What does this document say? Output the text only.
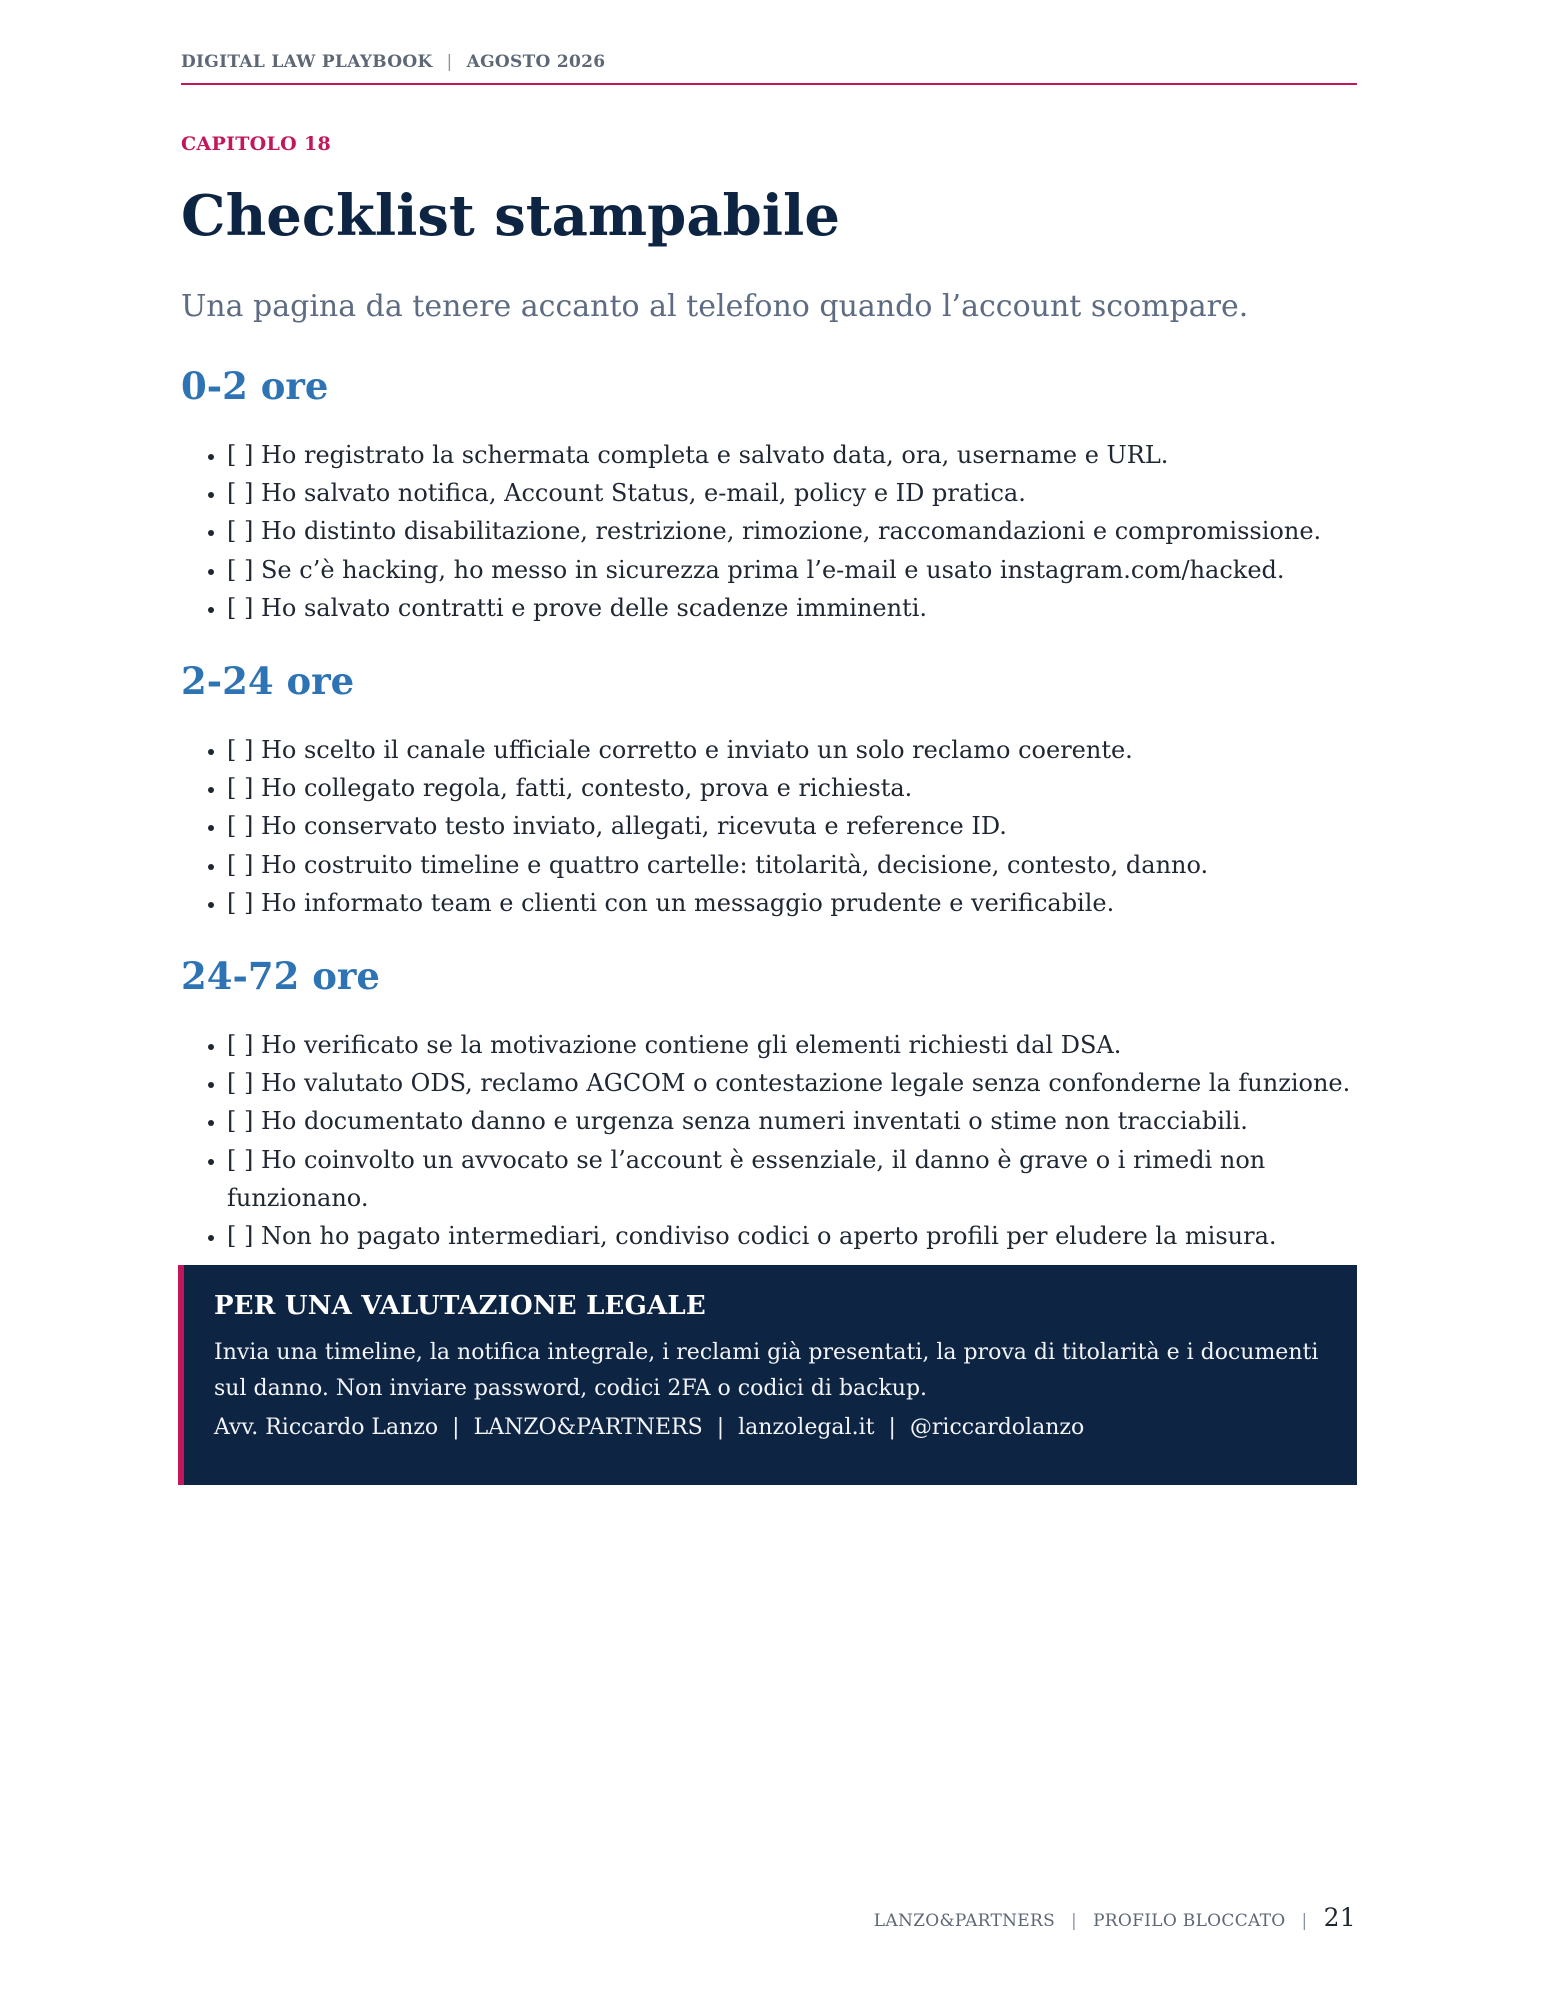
DIGITAL LAW PLAYBOOK | AGOSTO 2026
CAPITOLO 18
Checklist stampabile
Una pagina da tenere accanto al telefono quando l’account scompare.
0-2 ore
• [ ] Ho registrato la schermata completa e salvato data, ora, username e URL.
• [ ] Ho salvato notifica, Account Status, e-mail, policy e ID pratica.
• [ ] Ho distinto disabilitazione, restrizione, rimozione, raccomandazioni e compromissione.
• [ ] Se c’è hacking, ho messo in sicurezza prima l’e-mail e usato instagram.com/hacked.
• [ ] Ho salvato contratti e prove delle scadenze imminenti.
2-24 ore
• [ ] Ho scelto il canale ufficiale corretto e inviato un solo reclamo coerente.
• [ ] Ho collegato regola, fatti, contesto, prova e richiesta.
• [ ] Ho conservato testo inviato, allegati, ricevuta e reference ID.
• [ ] Ho costruito timeline e quattro cartelle: titolarità, decisione, contesto, danno.
• [ ] Ho informato team e clienti con un messaggio prudente e verificabile.
24-72 ore
• [ ] Ho verificato se la motivazione contiene gli elementi richiesti dal DSA.
• [ ] Ho valutato ODS, reclamo AGCOM o contestazione legale senza confonderne la funzione.
• [ ] Ho documentato danno e urgenza senza numeri inventati o stime non tracciabili.
• [ ] Ho coinvolto un avvocato se l’account è essenziale, il danno è grave o i rimedi non funzionano.
• [ ] Non ho pagato intermediari, condiviso codici o aperto profili per eludere la misura.
PER UNA VALUTAZIONE LEGALE
Invia una timeline, la notifica integrale, i reclami già presentati, la prova di titolarità e i documenti sul danno. Non inviare password, codici 2FA o codici di backup.
Avv. Riccardo Lanzo | LANZO&PARTNERS | lanzolegal.it | @riccardolanzo
LANZO&PARTNERS | PROFILO BLOCCATO | 21
